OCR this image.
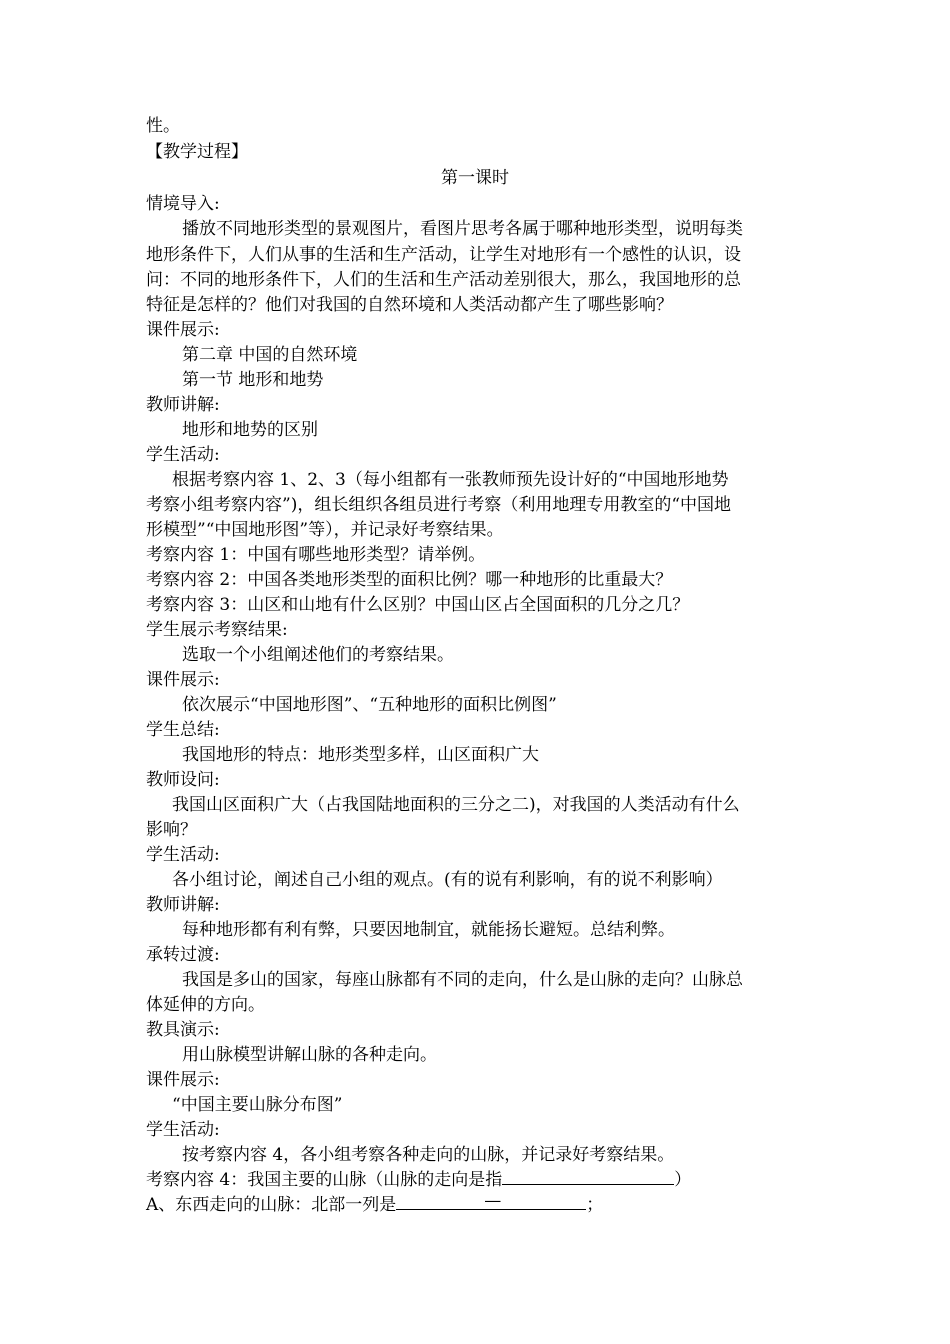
性。
【教学过程】
第一课时
情境导入:
播放不同地形类型的景观图片，看图片思考各属于哪种地形类型，说明每类
地形条件下，人们从事的生活和生产活动，让学生对地形有一个感性的认识，设
问：不同的地形条件下，人们的生活和生产活动差别很大，那么，我国地形的总
特征是怎样的？他们对我国的自然环境和人类活动都产生了哪些影响？
课件展示:
第二章 中国的自然环境
第一节 地形和地势
教师讲解:
地形和地势的区别
学生活动:
根据考察内容 1、2、3（每小组都有一张教师预先设计好的“中国地形地势
考察小组考察内容”)，组长组织各组员进行考察（利用地理专用教室的“中国地
形模型”“中国地形图”等），并记录好考察结果。
考察内容 1：中国有哪些地形类型？请举例。
考察内容 2：中国各类地形类型的面积比例？哪一种地形的比重最大？
考察内容 3：山区和山地有什么区别？中国山区占全国面积的几分之几？
学生展示考察结果:
选取一个小组阐述他们的考察结果。
课件展示:
依次展示“中国地形图”、“五种地形的面积比例图”
学生总结:
我国地形的特点：地形类型多样，山区面积广大
教师设问:
我国山区面积广大（占我国陆地面积的三分之二)，对我国的人类活动有什么
影响？
学生活动:
各小组讨论，阐述自己小组的观点。(有的说有利影响，有的说不利影响）
教师讲解:
每种地形都有利有弊，只要因地制宜，就能扬长避短。总结利弊。
承转过渡:
我国是多山的国家，每座山脉都有不同的走向，什么是山脉的走向？山脉总
体延伸的方向。
教具演示:
用山脉模型讲解山脉的各种走向。
课件展示:
“中国主要山脉分布图”
学生活动:
按考察内容 4，各小组考察各种走向的山脉，并记录好考察结果。
考察内容 4：我国主要的山脉（山脉的走向是指	）
A、东西走向的山脉：北部一列是	—	；
